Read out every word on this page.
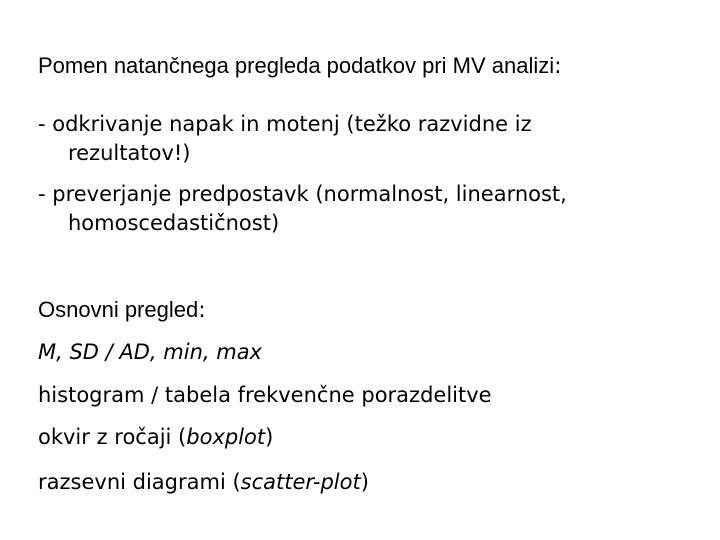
Pomen natančnega pregleda podatkov pri MV analizi:
- odkrivanje napak in motenj (težko razvidne iz
rezultatov!)
- preverjanje predpostavk (normalnost, linearnost,
homoscedastičnost)
Osnovni pregled:
M, SD / AD, min, max
histogram / tabela frekvenčne porazdelitve
okvir z ročaji (boxplot)
razsevni diagrami (scatter-plot)
